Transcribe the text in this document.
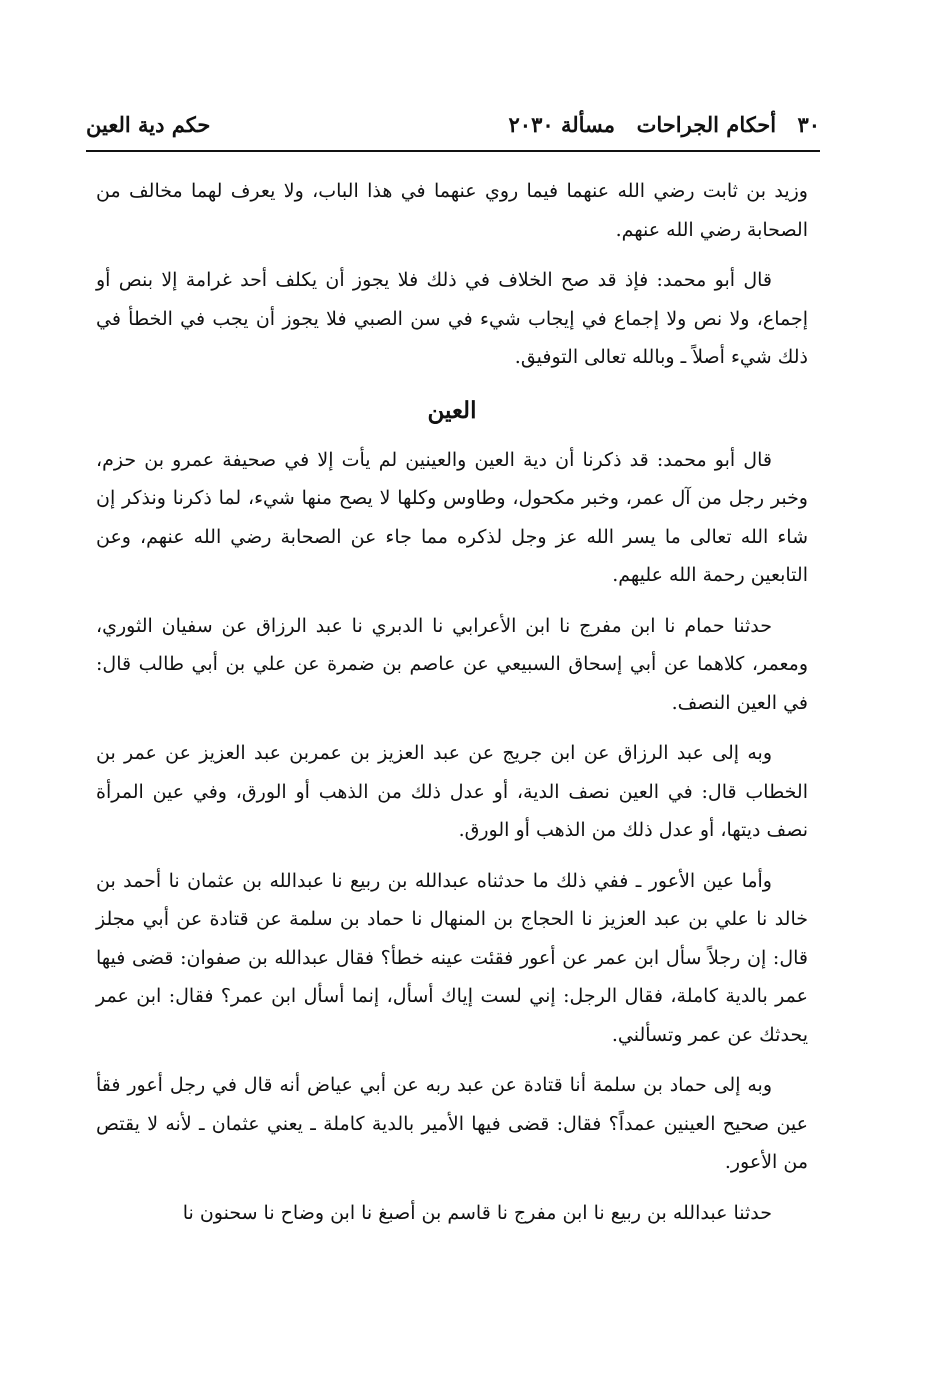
٣٠ أحكام الجراحات
مسألة ٢٠٣٠
حكم دية العين

وزيد بن ثابت رضي الله عنهما فيما روي عنهما في هذا الباب، ولا يعرف لهما مخالف من الصحابة رضي الله عنهم.

قال أبو محمد: فإذ قد صح الخلاف في ذلك فلا يجوز أن يكلف أحد غرامة إلا بنص أو إجماع، ولا نص ولا إجماع في إيجاب شيء في سن الصبي فلا يجوز أن يجب في الخطأ في ذلك شيء أصلاً ـ وبالله تعالى التوفيق.

العين

قال أبو محمد: قد ذكرنا أن دية العين والعينين لم يأت إلا في صحيفة عمرو بن حزم، وخبر رجل من آل عمر، وخبر مكحول، وطاوس وكلها لا يصح منها شيء، لما ذكرنا ونذكر إن شاء الله تعالى ما يسر الله عز وجل لذكره مما جاء عن الصحابة رضي الله عنهم، وعن التابعين رحمة الله عليهم.

حدثنا حمام نا ابن مفرج نا ابن الأعرابي نا الدبري نا عبد الرزاق عن سفيان الثوري، ومعمر، كلاهما عن أبي إسحاق السبيعي عن عاصم بن ضمرة عن علي بن أبي طالب قال: في العين النصف.

وبه إلى عبد الرزاق عن ابن جريج عن عبد العزيز بن عمربن عبد العزيز عن عمر بن الخطاب قال: في العين نصف الدية، أو عدل ذلك من الذهب أو الورق، وفي عين المرأة نصف ديتها، أو عدل ذلك من الذهب أو الورق.

وأما عين الأعور ـ ففي ذلك ما حدثناه عبدالله بن ربيع نا عبدالله بن عثمان نا أحمد بن خالد نا علي بن عبد العزيز نا الحجاج بن المنهال نا حماد بن سلمة عن قتادة عن أبي مجلز قال: إن رجلاً سأل ابن عمر عن أعور فقئت عينه خطأ؟ فقال عبدالله بن صفوان: قضى فيها عمر بالدية كاملة، فقال الرجل: إني لست إياك أسأل، إنما أسأل ابن عمر؟ فقال: ابن عمر يحدثك عن عمر وتسألني.

وبه إلى حماد بن سلمة أنا قتادة عن عبد ربه عن أبي عياض أنه قال في رجل أعور فقأ عين صحيح العينين عمداً؟ فقال: قضى فيها الأمير بالدية كاملة ـ يعني عثمان ـ لأنه لا يقتص من الأعور.

حدثنا عبدالله بن ربيع نا ابن مفرج نا قاسم بن أصبغ نا ابن وضاح نا سحنون نا
